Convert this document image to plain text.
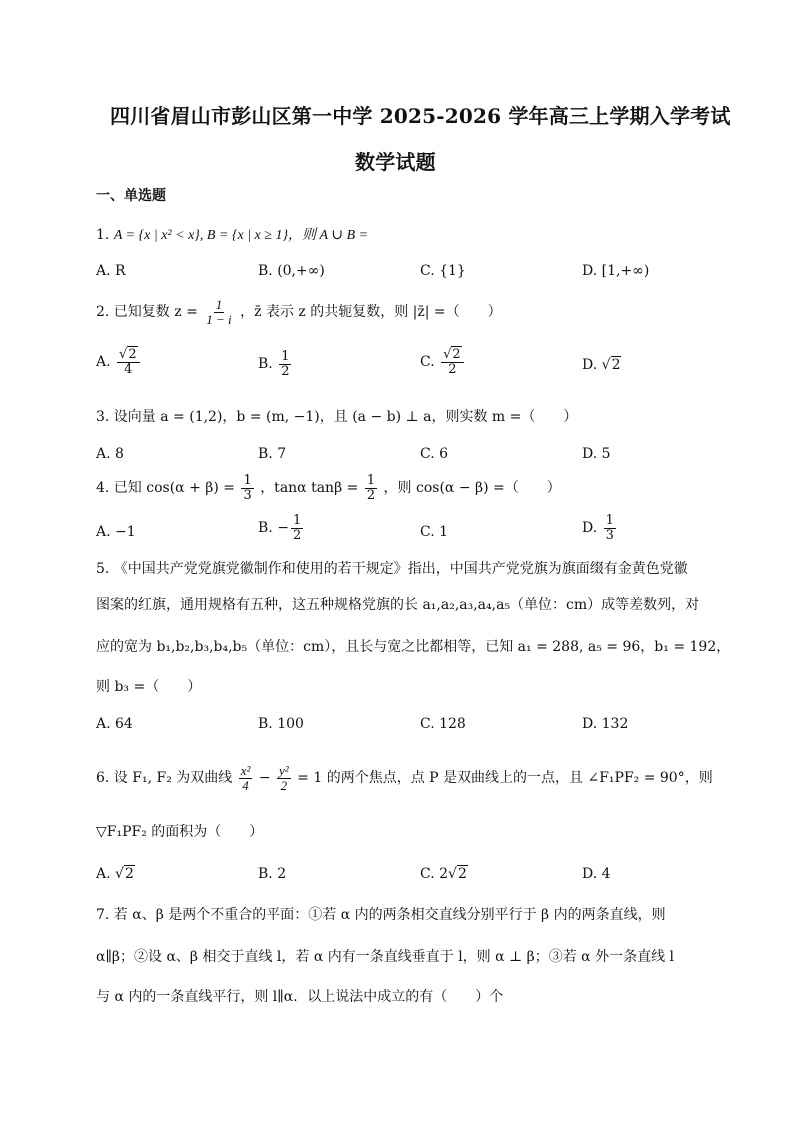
四川省眉山市彭山区第一中学 2025-2026 学年高三上学期入学考试
数学试题
一、单选题
1. A = {x | x² < x}, B = {x | x ≥ 1}，则 A ∪ B =
A. R	B. (0,+∞)	C. {1}	D. [1,+∞)
2. 已知复数 $z = \frac{1}{1 - i}$ ，z̄ 表示 z 的共轭复数，则 |z̄| =（　　）
A. $\frac{√2}{4}$	B. $\frac{1}{2}$	C. $\frac{√2}{2}$	D. √2
3. 设向量 a = (1,2)，b = (m, −1)，且 (a − b) ⊥ a，则实数 m =（　　）
A. 8	B. 7	C. 6	D. 5
4. 已知 $\cos(\alpha + \beta) = \frac{1}{3}$ ，tanα $\tan\beta = \frac{1}{2}$ ，则 cos(α − β) =（　　）
A. −1	B. − $\frac{1}{2}$	C. 1	D. $\frac{1}{3}$
5. 《中国共产党党旗党徽制作和使用的若干规定》指出，中国共产党党旗为旗面缀有金黄色党徽
图案的红旗，通用规格有五种，这五种规格党旗的长 a₁,a₂,a₃,a₄,a₅（单位：cm）成等差数列，对
应的宽为 b₁,b₂,b₃,b₄,b₅（单位：cm），且长与宽之比都相等，已知 a₁ = 288, a₅ = 96，b₁ = 192，
则 b₃ =（　　）
A. 64	B. 100	C. 128	D. 132
6. 设 F₁, F₂ 为双曲线 $\frac{\text{x²}}{4} - \frac{\text{y²}}{2} = 1$ 的两个焦点，点 P 是双曲线上的一点，且 ∠F₁PF₂ = 90°，则
▽F₁PF₂ 的面积为（　　）
A. √2	B. 2	C. 2√2	D. 4
7. 若 α、β 是两个不重合的平面：①若 α 内的两条相交直线分别平行于 β 内的两条直线，则
α∥β；②设 α、β 相交于直线 l，若 α 内有一条直线垂直于 l，则 α ⊥ β；③若 α 外一条直线 l
与 α 内的一条直线平行，则 l∥α．以上说法中成立的有（　　）个
